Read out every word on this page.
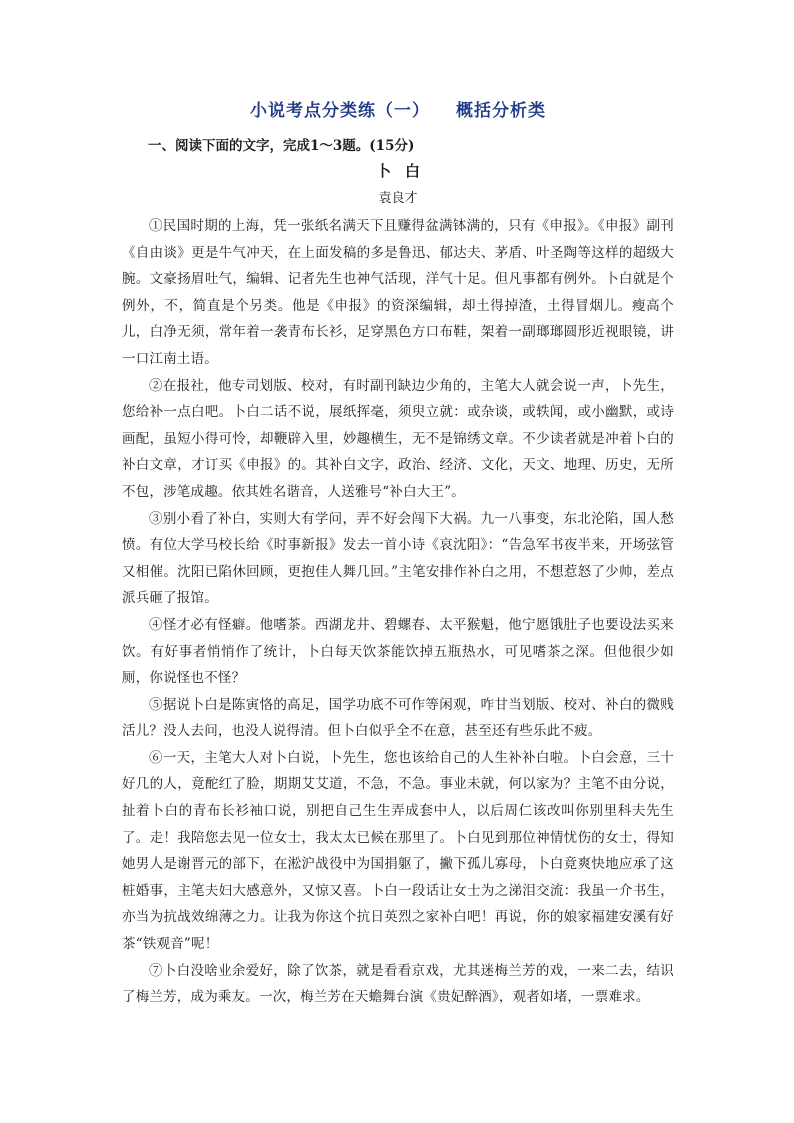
小说考点分类练（一） 概括分析类
一、阅读下面的文字，完成1～3题。(15分)
卜白
袁良才

①民国时期的上海，凭一张纸名满天下且赚得盆满钵满的，只有《申报》。《申报》副刊《自由谈》更是牛气冲天，在上面发稿的多是鲁迅、郁达夫、茅盾、叶圣陶等这样的超级大腕。文豪扬眉吐气，编辑、记者先生也神气活现，洋气十足。但凡事都有例外。卜白就是个例外，不，简直是个另类。他是《申报》的资深编辑，却土得掉渣，土得冒烟儿。瘦高个儿，白净无须，常年着一袭青布长衫，足穿黑色方口布鞋，架着一副瑯瑯圆形近视眼镜，讲一口江南土语。

②在报社，他专司划版、校对，有时副刊缺边少角的，主笔大人就会说一声，卜先生，您给补一点白吧。卜白二话不说，展纸挥毫，须臾立就：或杂谈，或轶闻，或小幽默，或诗画配，虽短小得可怜，却鞭辟入里，妙趣横生，无不是锦绣文章。不少读者就是冲着卜白的补白文章，才订买《申报》的。其补白文字，政治、经济、文化，天文、地理、历史，无所不包，涉笔成趣。依其姓名谐音，人送雅号“补白大王”。

③别小看了补白，实则大有学问，弄不好会闯下大祸。九一八事变，东北沦陷，国人愁愤。有位大学马校长给《时事新报》发去一首小诗《哀沈阳》：“告急军书夜半来，开场弦管又相催。沈阳已陷休回顾，更抱佳人舞几回。”主笔安排作补白之用，不想惹怒了少帅，差点派兵砸了报馆。

④怪才必有怪癖。他嗜茶。西湖龙井、碧螺春、太平猴魁，他宁愿饿肚子也要设法买来饮。有好事者悄悄作了统计，卜白每天饮茶能饮掉五瓶热水，可见嗜茶之深。但他很少如厕，你说怪也不怪？

⑤据说卜白是陈寅恪的高足，国学功底不可作等闲观，咋甘当划版、校对、补白的微贱活儿？没人去问，也没人说得清。但卜白似乎全不在意，甚至还有些乐此不疲。

⑥一天，主笔大人对卜白说，卜先生，您也该给自己的人生补补白啦。卜白会意，三十好几的人，竟酡红了脸，期期艾艾道，不急，不急。事业未就，何以家为？主笔不由分说，扯着卜白的青布长衫袖口说，别把自己生生弄成套中人，以后周仁该改叫你别里科夫先生了。走！我陪您去见一位女士，我太太已候在那里了。卜白见到那位神情忧伤的女士，得知她男人是谢晋元的部下，在淞沪战役中为国捐躯了，撇下孤儿寡母，卜白竟爽快地应承了这桩婚事，主笔夫妇大感意外，又惊又喜。卜白一段话让女士为之涕泪交流：我虽一介书生，亦当为抗战效绵薄之力。让我为你这个抗日英烈之家补白吧！再说，你的娘家福建安溪有好茶“铁观音”呢！

⑦卜白没啥业余爱好，除了饮茶，就是看看京戏，尤其迷梅兰芳的戏，一来二去，结识了梅兰芳，成为乘友。一次，梅兰芳在天蟾舞台演《贵妃醉酒》，观者如堵，一票难求。
